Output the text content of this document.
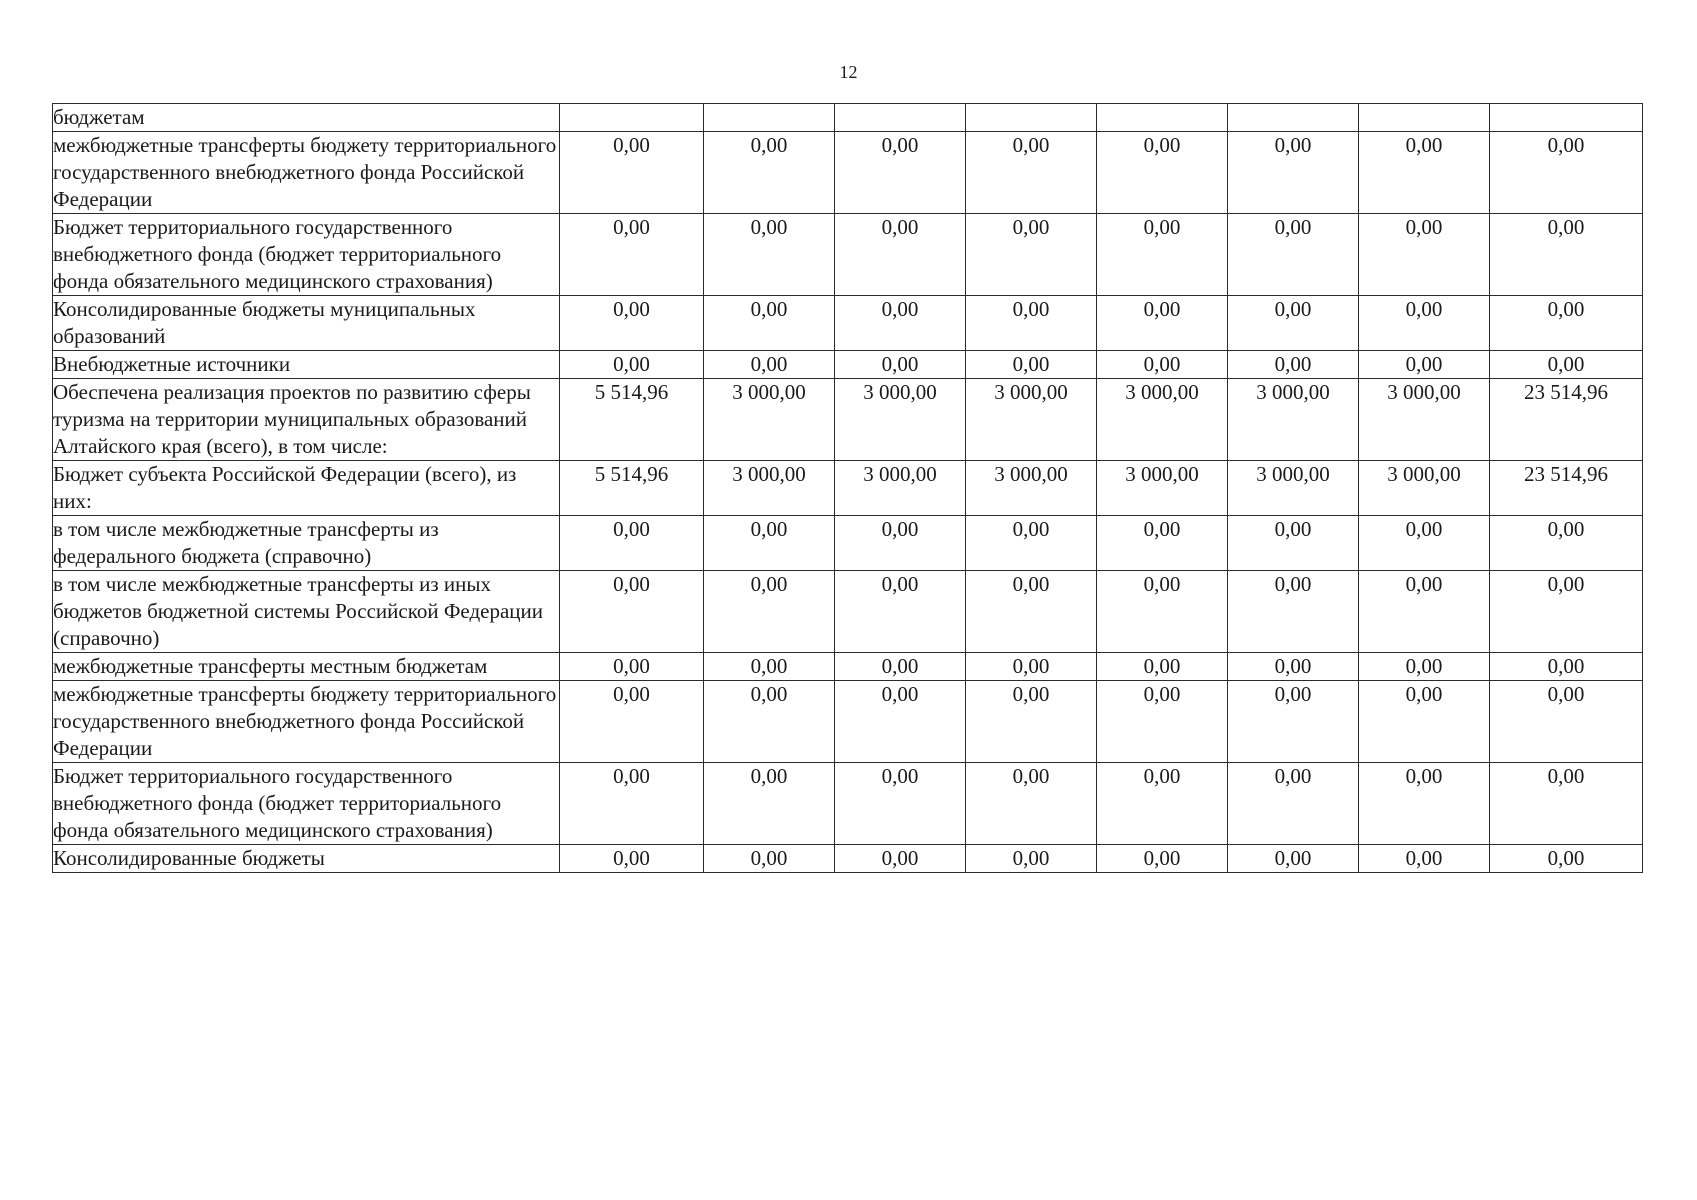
12
бюджетам								
межбюджетные трансферты бюджету территориального государственного внебюджетного фонда Российской Федерации	0,00	0,00	0,00	0,00	0,00	0,00	0,00	0,00
Бюджет территориального государственного внебюджетного фонда (бюджет территориального фонда обязательного медицинского страхования)	0,00	0,00	0,00	0,00	0,00	0,00	0,00	0,00
Консолидированные бюджеты муниципальных образований	0,00	0,00	0,00	0,00	0,00	0,00	0,00	0,00
Внебюджетные источники	0,00	0,00	0,00	0,00	0,00	0,00	0,00	0,00
Обеспечена реализация проектов по развитию сферы туризма на территории муниципальных образований Алтайского края (всего), в том числе:	5 514,96	3 000,00	3 000,00	3 000,00	3 000,00	3 000,00	3 000,00	23 514,96
Бюджет субъекта Российской Федерации (всего), из них:	5 514,96	3 000,00	3 000,00	3 000,00	3 000,00	3 000,00	3 000,00	23 514,96
в том числе межбюджетные трансферты из федерального бюджета (справочно)	0,00	0,00	0,00	0,00	0,00	0,00	0,00	0,00
в том числе межбюджетные трансферты из иных бюджетов бюджетной системы Российской Федерации (справочно)	0,00	0,00	0,00	0,00	0,00	0,00	0,00	0,00
межбюджетные трансферты местным бюджетам	0,00	0,00	0,00	0,00	0,00	0,00	0,00	0,00
межбюджетные трансферты бюджету территориального государственного внебюджетного фонда Российской Федерации	0,00	0,00	0,00	0,00	0,00	0,00	0,00	0,00
Бюджет территориального государственного внебюджетного фонда (бюджет территориального фонда обязательного медицинского страхования)	0,00	0,00	0,00	0,00	0,00	0,00	0,00	0,00
Консолидированные бюджеты	0,00	0,00	0,00	0,00	0,00	0,00	0,00	0,00
